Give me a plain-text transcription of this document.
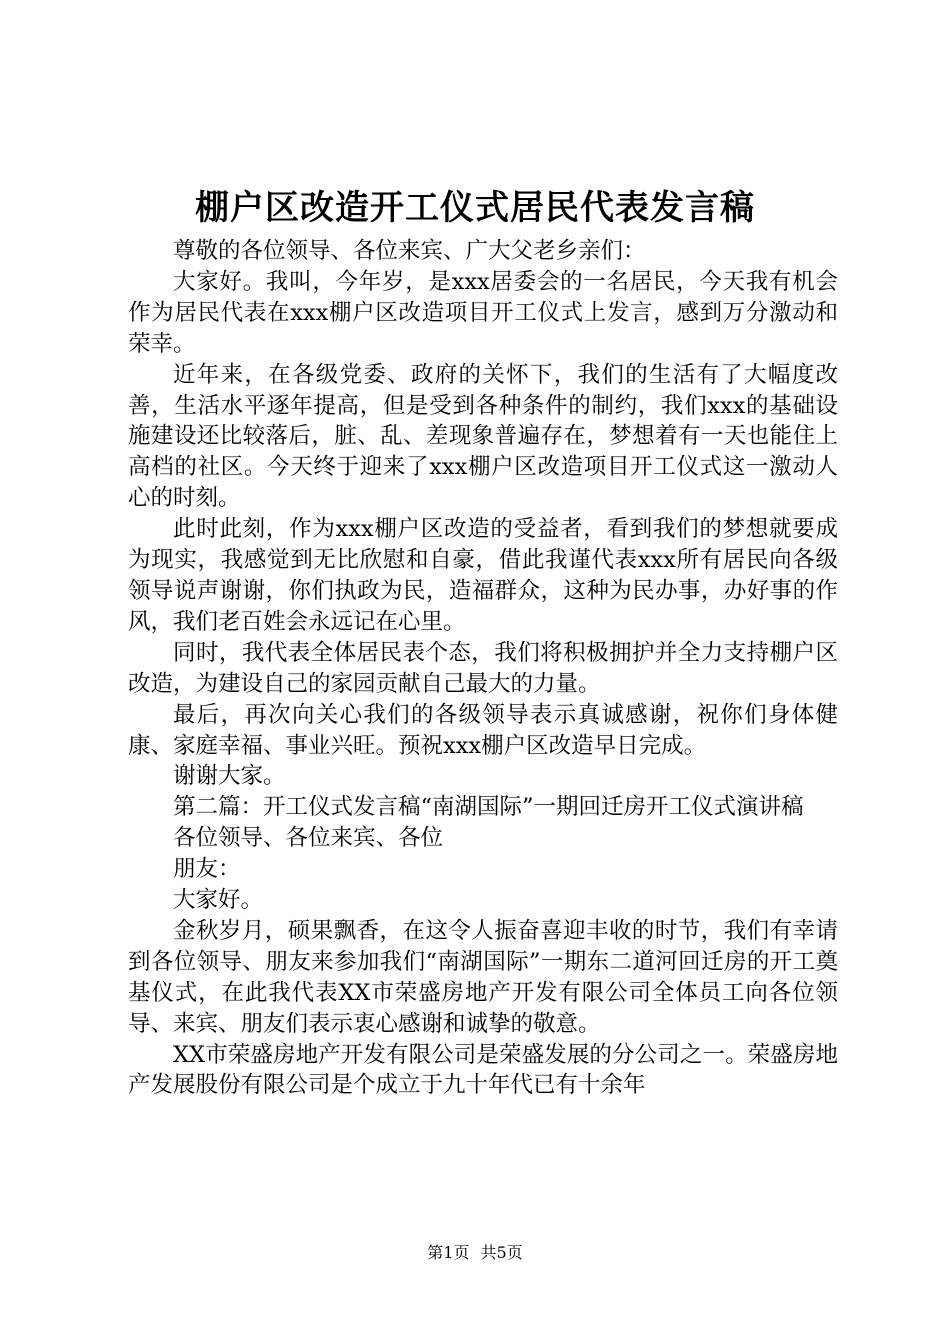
棚户区改造开工仪式居民代表发言稿

尊敬的各位领导、各位来宾、广大父老乡亲们：

大家好。我叫，今年岁，是xxx居委会的一名居民，今天我有机会作为居民代表在xxx棚户区改造项目开工仪式上发言，感到万分激动和荣幸。

近年来，在各级党委、政府的关怀下，我们的生活有了大幅度改善，生活水平逐年提高，但是受到各种条件的制约，我们xxx的基础设施建设还比较落后，脏、乱、差现象普遍存在，梦想着有一天也能住上高档的社区。今天终于迎来了xxx棚户区改造项目开工仪式这一激动人心的时刻。

此时此刻，作为xxx棚户区改造的受益者，看到我们的梦想就要成为现实，我感觉到无比欣慰和自豪，借此我谨代表xxx所有居民向各级领导说声谢谢，你们执政为民，造福群众，这种为民办事，办好事的作风，我们老百姓会永远记在心里。

同时，我代表全体居民表个态，我们将积极拥护并全力支持棚户区改造，为建设自己的家园贡献自己最大的力量。

最后，再次向关心我们的各级领导表示真诚感谢，祝你们身体健康、家庭幸福、事业兴旺。预祝xxx棚户区改造早日完成。

谢谢大家。

第二篇：开工仪式发言稿“南湖国际”一期回迁房开工仪式演讲稿

各位领导、各位来宾、各位

朋友：

大家好。

金秋岁月，硕果飘香，在这令人振奋喜迎丰收的时节，我们有幸请到各位领导、朋友来参加我们“南湖国际”一期东二道河回迁房的开工奠基仪式，在此我代表XX市荣盛房地产开发有限公司全体员工向各位领导、来宾、朋友们表示衷心感谢和诚挚的敬意。

XX市荣盛房地产开发有限公司是荣盛发展的分公司之一。荣盛房地产发展股份有限公司是个成立于九十年代已有十余年

第1页 共5页
